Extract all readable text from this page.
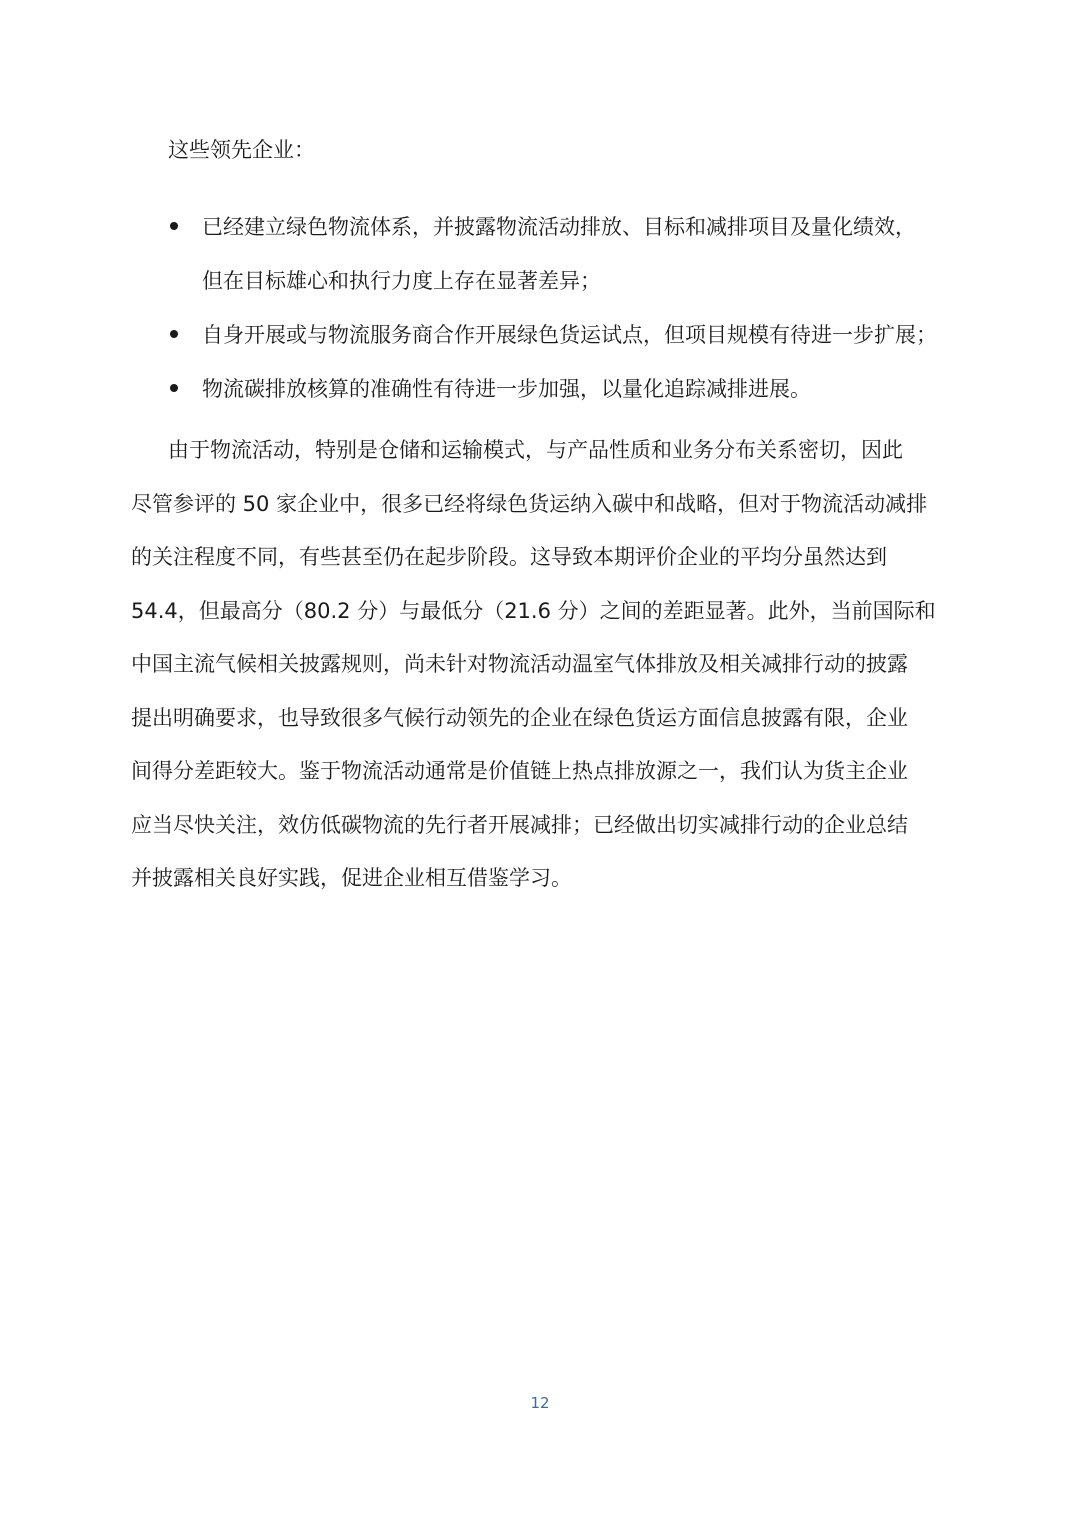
这些领先企业：
已经建立绿色物流体系，并披露物流活动排放、目标和减排项目及量化绩效，
但在目标雄心和执行力度上存在显著差异；
自身开展或与物流服务商合作开展绿色货运试点，但项目规模有待进一步扩展；
物流碳排放核算的准确性有待进一步加强，以量化追踪减排进展。
由于物流活动，特别是仓储和运输模式，与产品性质和业务分布关系密切，因此
尽管参评的 50 家企业中，很多已经将绿色货运纳入碳中和战略，但对于物流活动减排
的关注程度不同，有些甚至仍在起步阶段。这导致本期评价企业的平均分虽然达到
54.4，但最高分（80.2 分）与最低分（21.6 分）之间的差距显著。此外，当前国际和
中国主流气候相关披露规则，尚未针对物流活动温室气体排放及相关减排行动的披露
提出明确要求，也导致很多气候行动领先的企业在绿色货运方面信息披露有限，企业
间得分差距较大。鉴于物流活动通常是价值链上热点排放源之一，我们认为货主企业
应当尽快关注，效仿低碳物流的先行者开展减排；已经做出切实减排行动的企业总结
并披露相关良好实践，促进企业相互借鉴学习。
12
